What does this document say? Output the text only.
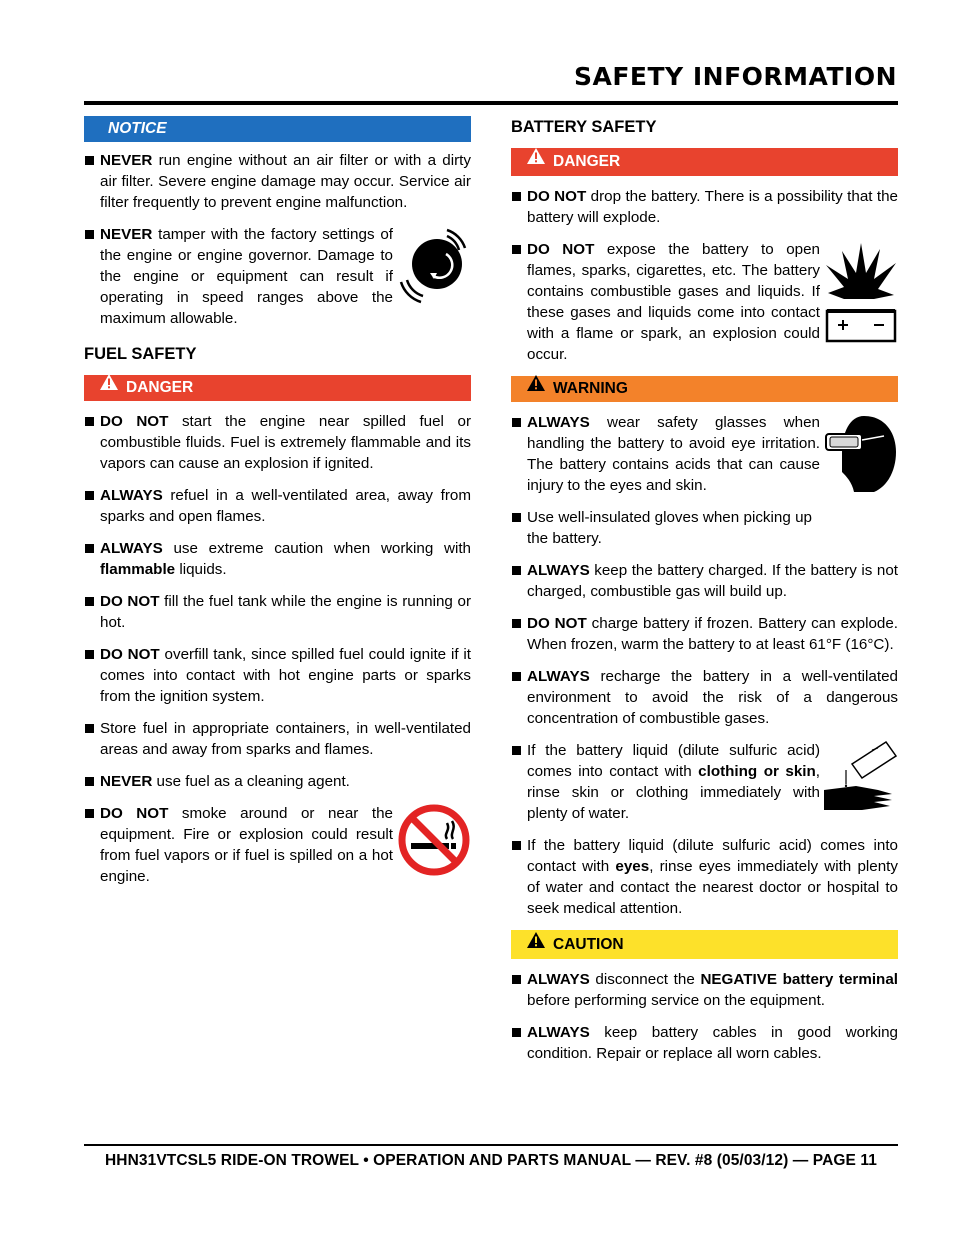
SAFETY INFORMATION
NOTICE
NEVER run engine without an air filter or with a dirty air filter. Severe engine damage may occur. Service air filter frequently to prevent engine malfunction.
NEVER tamper with the factory settings of the engine or engine governor. Damage to the engine or equipment can result if operating in speed ranges above the maximum allowable.
FUEL SAFETY
DANGER
DO NOT start the engine near spilled fuel or combustible fluids. Fuel is extremely flammable and its vapors can cause an explosion if ignited.
ALWAYS refuel in a well-ventilated area, away from sparks and open flames.
ALWAYS use extreme caution when working with flammable liquids.
DO NOT fill the fuel tank while the engine is running or hot.
DO NOT overfill tank, since spilled fuel could ignite if it comes into contact with hot engine parts or sparks from the ignition system.
Store fuel in appropriate containers, in well-ventilated areas and away from sparks and flames.
NEVER use fuel as a cleaning agent.
DO NOT smoke around or near the equipment. Fire or explosion could result from fuel vapors or if fuel is spilled on a hot engine.
BATTERY SAFETY
DANGER
DO NOT drop the battery. There is a possibility that the battery will explode.
DO NOT expose the battery to open flames, sparks, cigarettes, etc. The battery contains combustible gases and liquids. If these gases and liquids come into contact with a flame or spark, an explosion could occur.
WARNING
ALWAYS wear safety glasses when handling the battery to avoid eye irritation. The battery contains acids that can cause injury to the eyes and skin.
Use well-insulated gloves when picking up the battery.
ALWAYS keep the battery charged. If the battery is not charged, combustible gas will build up.
DO NOT charge battery if frozen. Battery can explode. When frozen, warm the battery to at least 61°F (16°C).
ALWAYS recharge the battery in a well-ventilated environment to avoid the risk of a dangerous concentration of combustible gases.
If the battery liquid (dilute sulfuric acid) comes into contact with clothing or skin, rinse skin or clothing immediately with plenty of water.
If the battery liquid (dilute sulfuric acid) comes into contact with eyes, rinse eyes immediately with plenty of water and contact the nearest doctor or hospital to seek medical attention.
CAUTION
ALWAYS disconnect the NEGATIVE battery terminal before performing service on the equipment.
ALWAYS keep battery cables in good working condition. Repair or replace all worn cables.
HHN31VTCSL5 RIDE-ON TROWEL • OPERATION AND PARTS MANUAL — REV. #8 (05/03/12) — PAGE 11
